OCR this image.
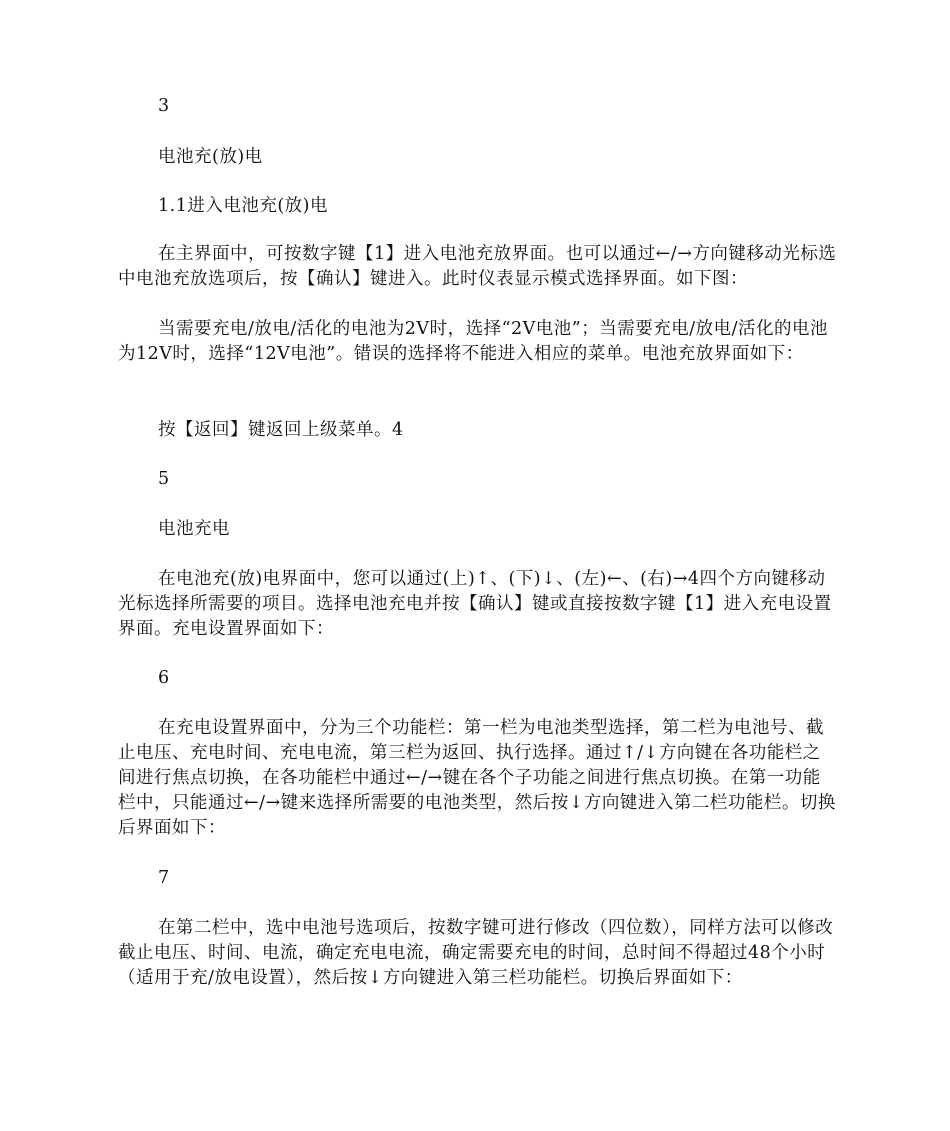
3

电池充(放)电

1.1进入电池充(放)电

在主界面中，可按数字键【1】进入电池充放界面。也可以通过←/→方向键移动光标选中电池充放选项后，按【确认】键进入。此时仪表显示模式选择界面。如下图：

当需要充电/放电/活化的电池为2V时，选择“2V电池”；当需要充电/放电/活化的电池为12V时，选择“12V电池”。错误的选择将不能进入相应的菜单。电池充放界面如下：

按【返回】键返回上级菜单。4

5

电池充电

在电池充(放)电界面中，您可以通过(上)↑、(下)↓、(左)←、(右)→4四个方向键移动光标选择所需要的项目。选择电池充电并按【确认】键或直接按数字键【1】进入充电设置界面。充电设置界面如下：

6

在充电设置界面中，分为三个功能栏：第一栏为电池类型选择，第二栏为电池号、截止电压、充电时间、充电电流，第三栏为返回、执行选择。通过↑/↓方向键在各功能栏之间进行焦点切换，在各功能栏中通过←/→键在各个子功能之间进行焦点切换。在第一功能栏中，只能通过←/→键来选择所需要的电池类型，然后按↓方向键进入第二栏功能栏。切换后界面如下：

7

在第二栏中，选中电池号选项后，按数字键可进行修改（四位数），同样方法可以修改截止电压、时间、电流，确定充电电流，确定需要充电的时间，总时间不得超过48个小时（适用于充/放电设置），然后按↓方向键进入第三栏功能栏。切换后界面如下：
